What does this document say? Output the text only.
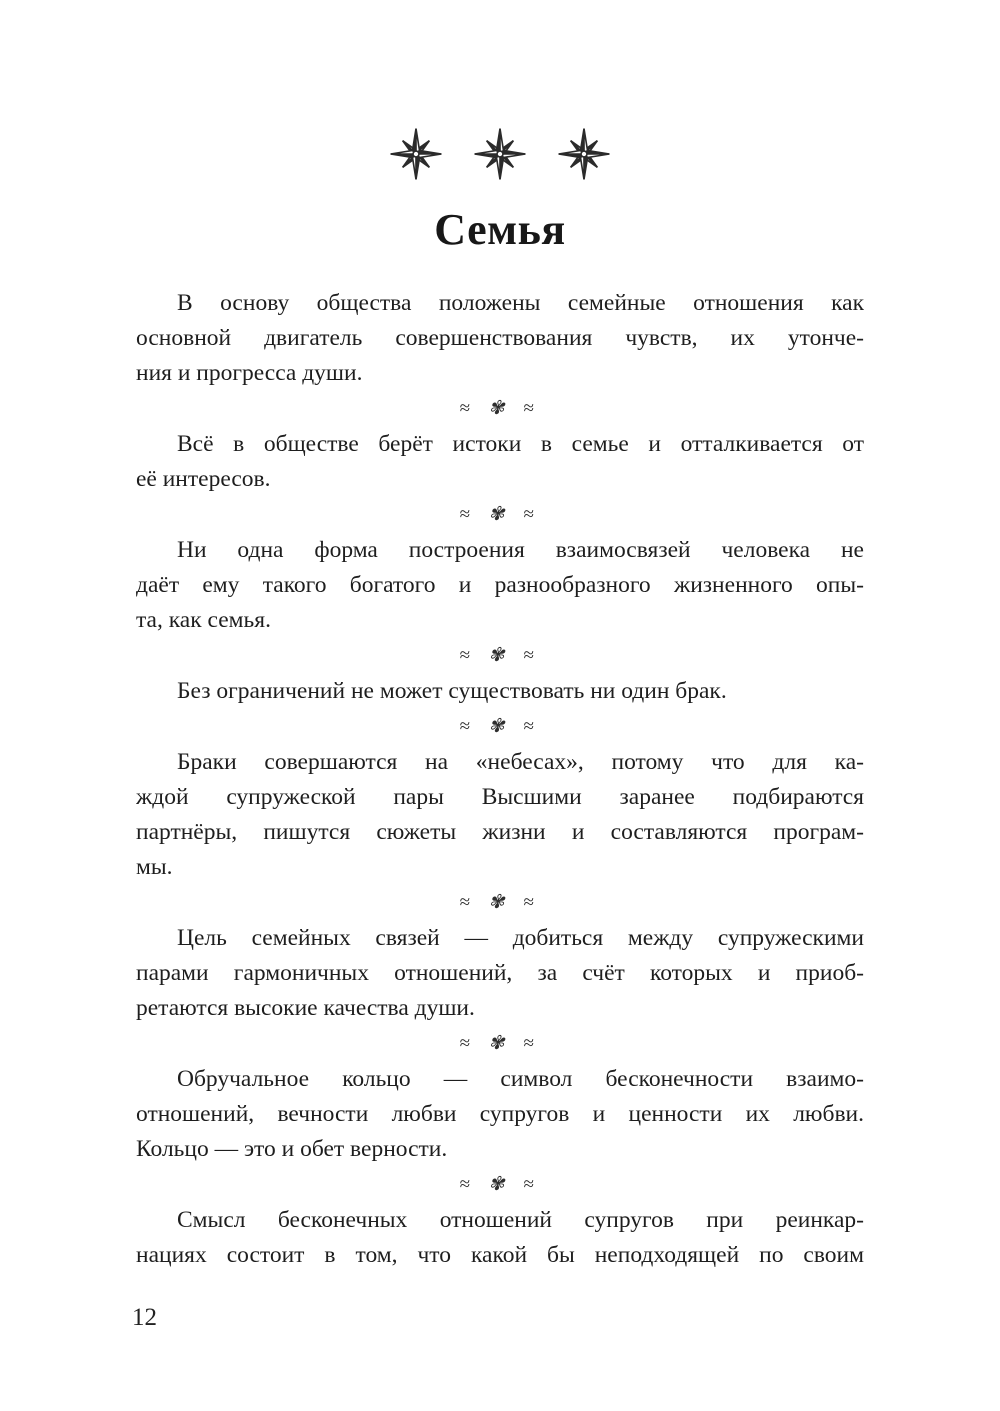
Семья
В основу общества положены семейные отношения как
основной двигатель совершенствования чувств, их утонче-
ния и прогресса души.
≈ ✾ ≈
Всё в обществе берёт истоки в семье и отталкивается от
её интересов.
≈ ✾ ≈
Ни одна форма построения взаимосвязей человека не
даёт ему такого богатого и разнообразного жизненного опы-
та, как семья.
≈ ✾ ≈
Без ограничений не может существовать ни один брак.
≈ ✾ ≈
Браки совершаются на «небесах», потому что для ка-
ждой супружеской пары Высшими заранее подбираются
партнёры, пишутся сюжеты жизни и составляются програм-
мы.
≈ ✾ ≈
Цель семейных связей — добиться между супружескими
парами гармоничных отношений, за счёт которых и приоб-
ретаются высокие качества души.
≈ ✾ ≈
Обручальное кольцо — символ бесконечности взаимо-
отношений, вечности любви супругов и ценности их любви.
Кольцо — это и обет верности.
≈ ✾ ≈
Смысл бесконечных отношений супругов при реинкар-
нациях состоит в том, что какой бы неподходящей по своим
12
